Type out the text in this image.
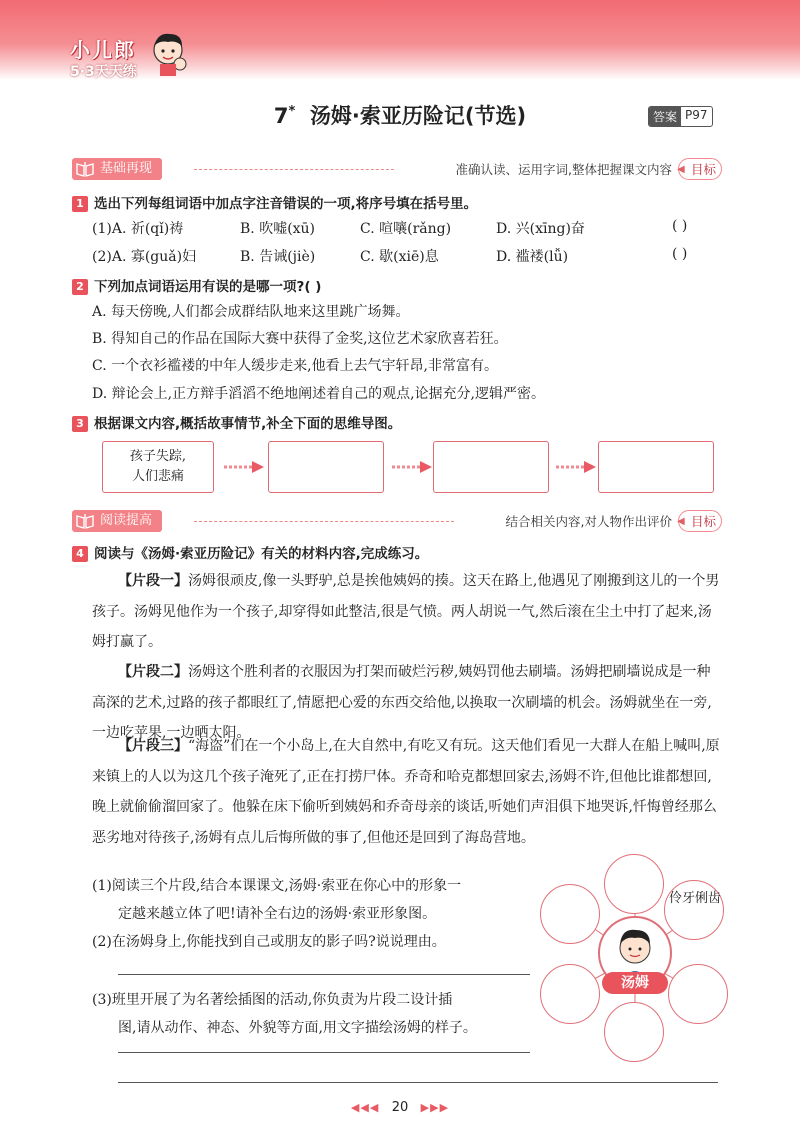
小儿郎
5·3天天练
7* 汤姆·索亚历险记(节选)	答案 P97
基础再现	准确认读、运用字词,整体把握课文内容	◀ 目标
1 选出下列每组词语中加点字注音错误的一项,将序号填在括号里。
(1)A. 祈(qǐ)祷	B. 吹嘘(xū)	C. 喧嚷(rǎng)	D. 兴(xīng)奋	( )
(2)A. 寡(guǎ)妇	B. 告诫(jiè)	C. 歇(xiē)息	D. 褴褛(lǚ)	( )
2 下列加点词语运用有误的是哪一项?( )
A. 每天傍晚,人们都会成群结队地来这里跳广场舞。
B. 得知自己的作品在国际大赛中获得了金奖,这位艺术家欣喜若狂。
C. 一个衣衫褴褛的中年人缓步走来,他看上去气宇轩昂,非常富有。
D. 辩论会上,正方辩手滔滔不绝地阐述着自己的观点,论据充分,逻辑严密。
3 根据课文内容,概括故事情节,补全下面的思维导图。
孩子失踪,
人们悲痛
阅读提高	结合相关内容,对人物作出评价	◀ 目标
4 阅读与《汤姆·索亚历险记》有关的材料内容,完成练习。
【片段一】汤姆很顽皮,像一头野驴,总是挨他姨妈的揍。这天在路上,他遇见了刚搬到这儿的一个男孩子。汤姆见他作为一个孩子,却穿得如此整洁,很是气愤。两人胡说一气,然后滚在尘土中打了起来,汤姆打赢了。
【片段二】汤姆这个胜利者的衣服因为打架而破烂污秽,姨妈罚他去刷墙。汤姆把刷墙说成是一种高深的艺术,过路的孩子都眼红了,情愿把心爱的东西交给他,以换取一次刷墙的机会。汤姆就坐在一旁,一边吃苹果,一边晒太阳。
【片段三】“海盗”们在一个小岛上,在大自然中,有吃又有玩。这天他们看见一大群人在船上喊叫,原来镇上的人以为这几个孩子淹死了,正在打捞尸体。乔奇和哈克都想回家去,汤姆不许,但他比谁都想回,晚上就偷偷溜回家了。他躲在床下偷听到姨妈和乔奇母亲的谈话,听她们声泪俱下地哭诉,忏悔曾经那么恶劣地对待孩子,汤姆有点儿后悔所做的事了,但他还是回到了海岛营地。
(1)阅读三个片段,结合本课课文,汤姆·索亚在你心中的形象一
定越来越立体了吧!请补全右边的汤姆·索亚形象图。
(2)在汤姆身上,你能找到自己或朋友的影子吗?说说理由。
(3)班里开展了为名著绘插图的活动,你负责为片段二设计插
图,请从动作、神态、外貌等方面,用文字描绘汤姆的样子。
伶牙俐齿
汤姆
◀◀◀ 20 ▶▶▶
